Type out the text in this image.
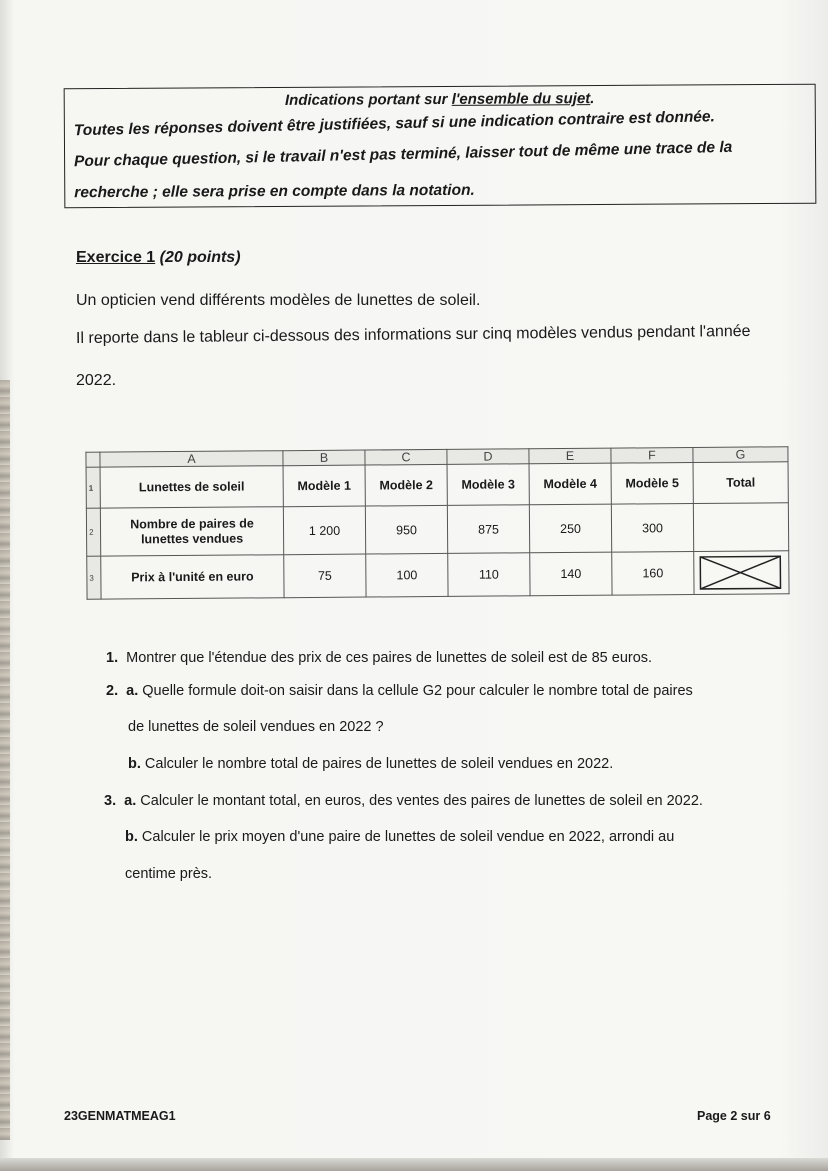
Indications portant sur l'ensemble du sujet.
Toutes les réponses doivent être justifiées, sauf si une indication contraire est donnée.
Pour chaque question, si le travail n'est pas terminé, laisser tout de même une trace de la
recherche ; elle sera prise en compte dans la notation.
Exercice 1 (20 points)
Un opticien vend différents modèles de lunettes de soleil.
Il reporte dans le tableur ci-dessous des informations sur cinq modèles vendus pendant l'année
2022.
	A	B	C	D	E	F	G
1	Lunettes de soleil	Modèle 1	Modèle 2	Modèle 3	Modèle 4	Modèle 5	Total
2	Nombre de paires de
lunettes vendues	1 200	950	875	250	300	
3	Prix à l'unité en euro	75	100	110	140	160	
1. Montrer que l'étendue des prix de ces paires de lunettes de soleil est de 85 euros.
2. a. Quelle formule doit-on saisir dans la cellule G2 pour calculer le nombre total de paires
de lunettes de soleil vendues en 2022 ?
b. Calculer le nombre total de paires de lunettes de soleil vendues en 2022.
3. a. Calculer le montant total, en euros, des ventes des paires de lunettes de soleil en 2022.
b. Calculer le prix moyen d'une paire de lunettes de soleil vendue en 2022, arrondi au
centime près.
23GENMATMEAG1	Page 2 sur 6
